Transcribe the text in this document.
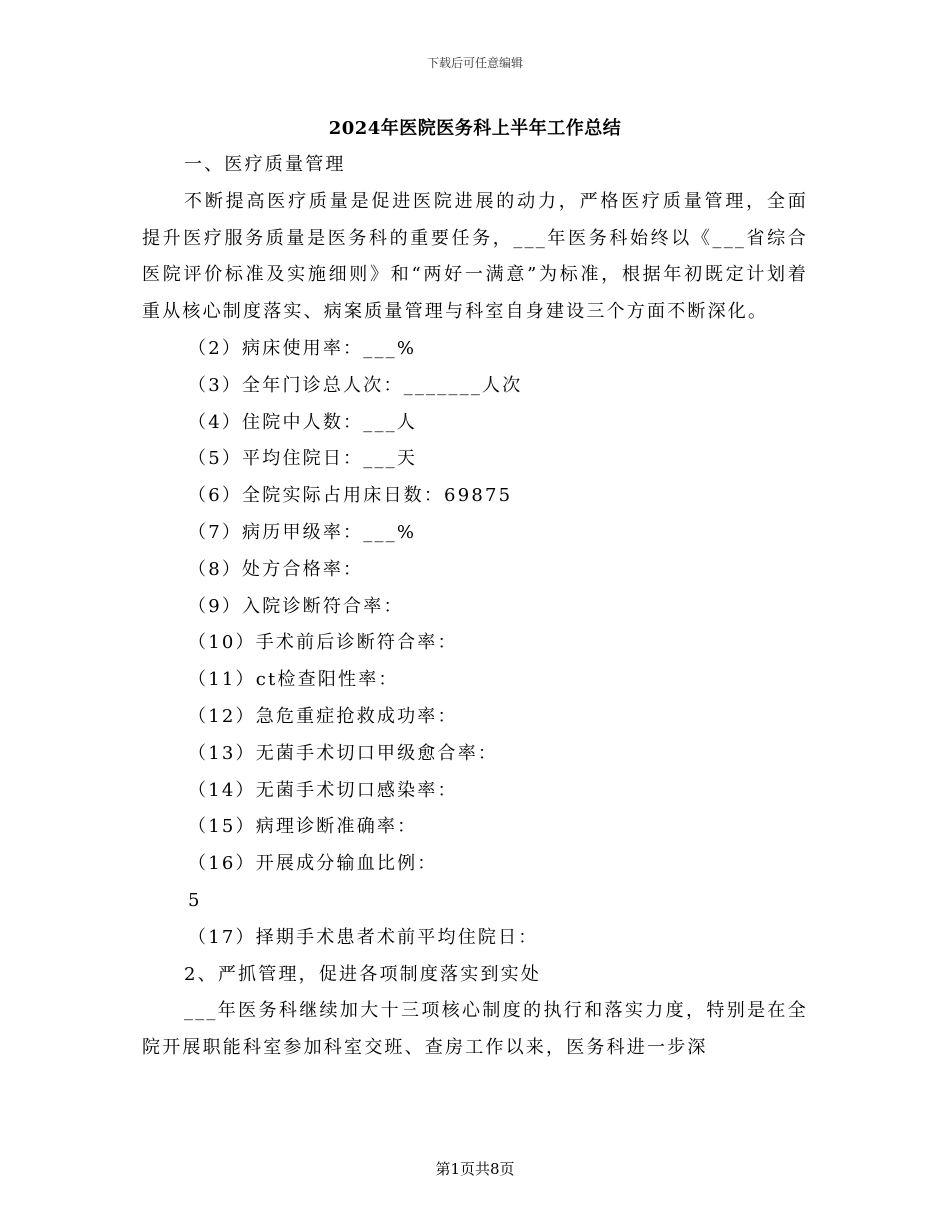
下载后可任意编辑
2024年医院医务科上半年工作总结

一、医疗质量管理

不断提高医疗质量是促进医院进展的动力，严格医疗质量管理，全面提升医疗服务质量是医务科的重要任务，___年医务科始终以《___省综合医院评价标准及实施细则》和“两好一满意”为标准，根据年初既定计划着重从核心制度落实、病案质量管理与科室自身建设三个方面不断深化。

（2）病床使用率：___%

（3）全年门诊总人次：_______人次

（4）住院中人数：___人

（5）平均住院日：___天

（6）全院实际占用床日数：69875

（7）病历甲级率：___%

（8）处方合格率：

（9）入院诊断符合率：

（10）手术前后诊断符合率：

（11）ct检查阳性率：

（12）急危重症抢救成功率：

（13）无菌手术切口甲级愈合率：

（14）无菌手术切口感染率：

（15）病理诊断准确率：

（16）开展成分输血比例：

5

（17）择期手术患者术前平均住院日：

2、严抓管理，促进各项制度落实到实处

___年医务科继续加大十三项核心制度的执行和落实力度，特别是在全院开展职能科室参加科室交班、查房工作以来，医务科进一步深

第1页共8页
